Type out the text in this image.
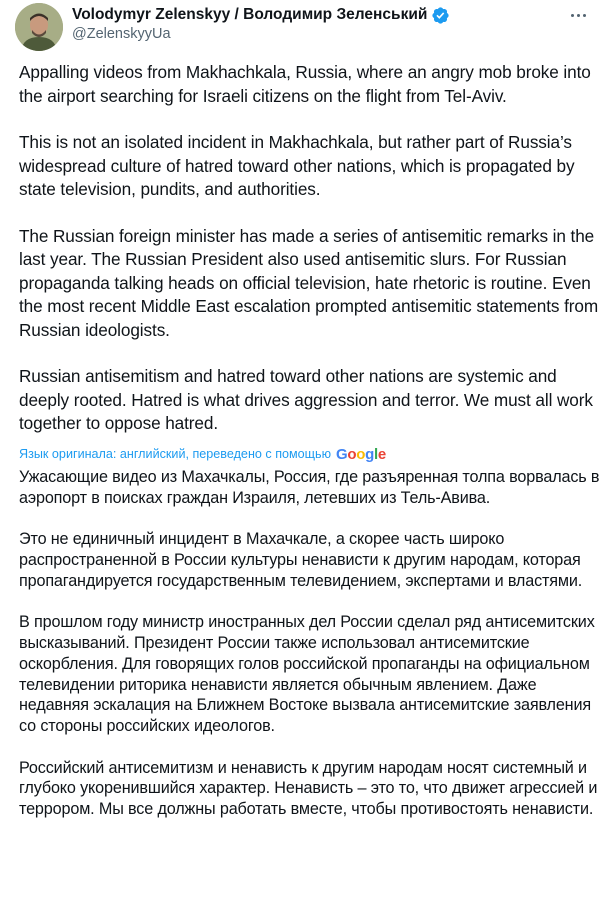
Volodymyr Zelenskyy / Володимир Зеленський
@ZelenskyyUa

Appalling videos from Makhachkala, Russia, where an angry mob broke into the airport searching for Israeli citizens on the flight from Tel-Aviv.

This is not an isolated incident in Makhachkala, but rather part of Russia’s widespread culture of hatred toward other nations, which is propagated by state television, pundits, and authorities.

The Russian foreign minister has made a series of antisemitic remarks in the last year. The Russian President also used antisemitic slurs. For Russian propaganda talking heads on official television, hate rhetoric is routine. Even the most recent Middle East escalation prompted antisemitic statements from Russian ideologists.

Russian antisemitism and hatred toward other nations are systemic and deeply rooted. Hatred is what drives aggression and terror. We must all work together to oppose hatred.

Язык оригинала: английский, переведено с помощью Google

Ужасающие видео из Махачкалы, Россия, где разъяренная толпа ворвалась в аэропорт в поисках граждан Израиля, летевших из Тель-Авива.

Это не единичный инцидент в Махачкале, а скорее часть широко распространенной в России культуры ненависти к другим народам, которая пропагандируется государственным телевидением, экспертами и властями.

В прошлом году министр иностранных дел России сделал ряд антисемитских высказываний. Президент России также использовал антисемитские оскорбления. Для говорящих голов российской пропаганды на официальном телевидении риторика ненависти является обычным явлением. Даже недавняя эскалация на Ближнем Востоке вызвала антисемитские заявления со стороны российских идеологов.

Российский антисемитизм и ненависть к другим народам носят системный и глубоко укоренившийся характер. Ненависть – это то, что движет агрессией и террором. Мы все должны работать вместе, чтобы противостоять ненависти.
